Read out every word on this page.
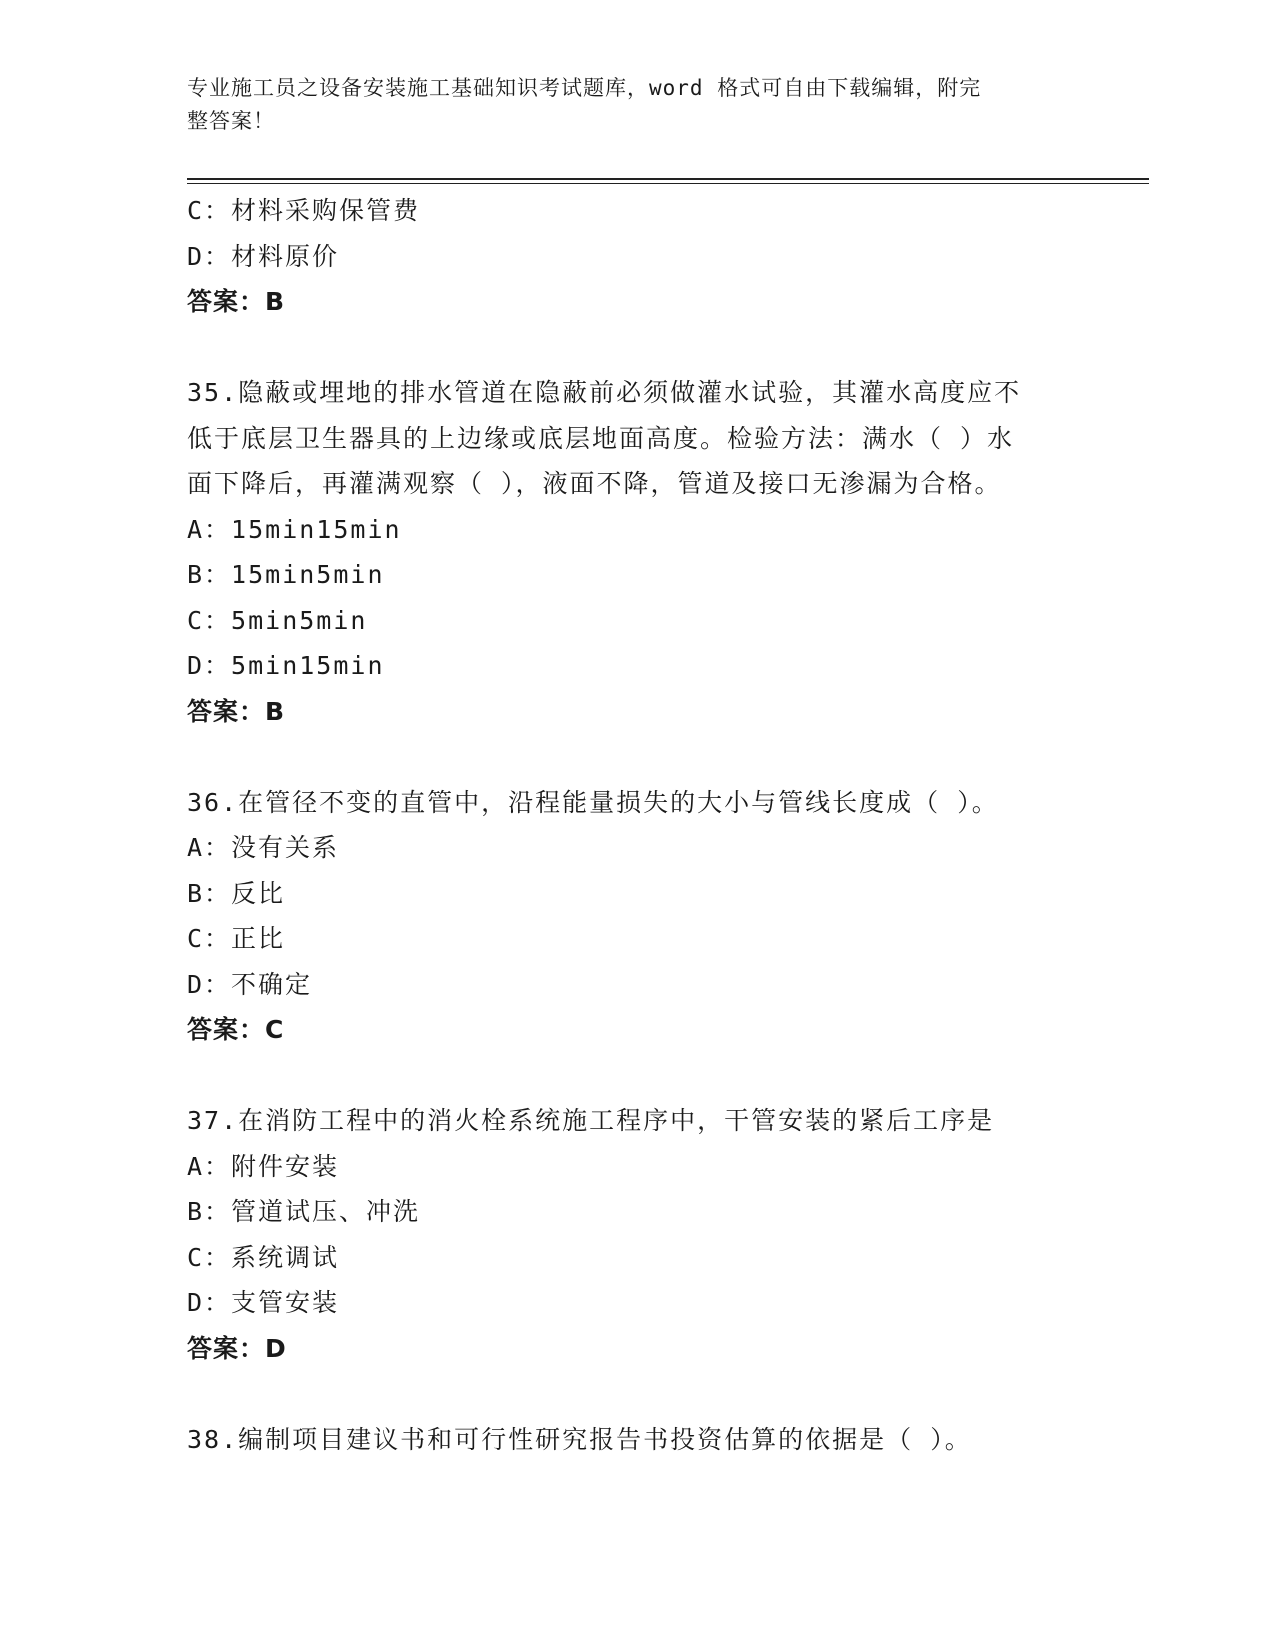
专业施工员之设备安装施工基础知识考试题库，word 格式可自由下载编辑，附完
整答案！
C：材料采购保管费
D：材料原价
答案：B
35.隐蔽或埋地的排水管道在隐蔽前必须做灌水试验，其灌水高度应不
低于底层卫生器具的上边缘或底层地面高度。检验方法：满水（ ）水
面下降后，再灌满观察（ ），液面不降，管道及接口无渗漏为合格。
A：15min15min
B：15min5min
C：5min5min
D：5min15min
答案：B
36.在管径不变的直管中，沿程能量损失的大小与管线长度成（ ）。
A：没有关系
B：反比
C：正比
D：不确定
答案：C
37.在消防工程中的消火栓系统施工程序中，干管安装的紧后工序是
A：附件安装
B：管道试压、冲洗
C：系统调试
D：支管安装
答案：D
38.编制项目建议书和可行性研究报告书投资估算的依据是（ ）。
